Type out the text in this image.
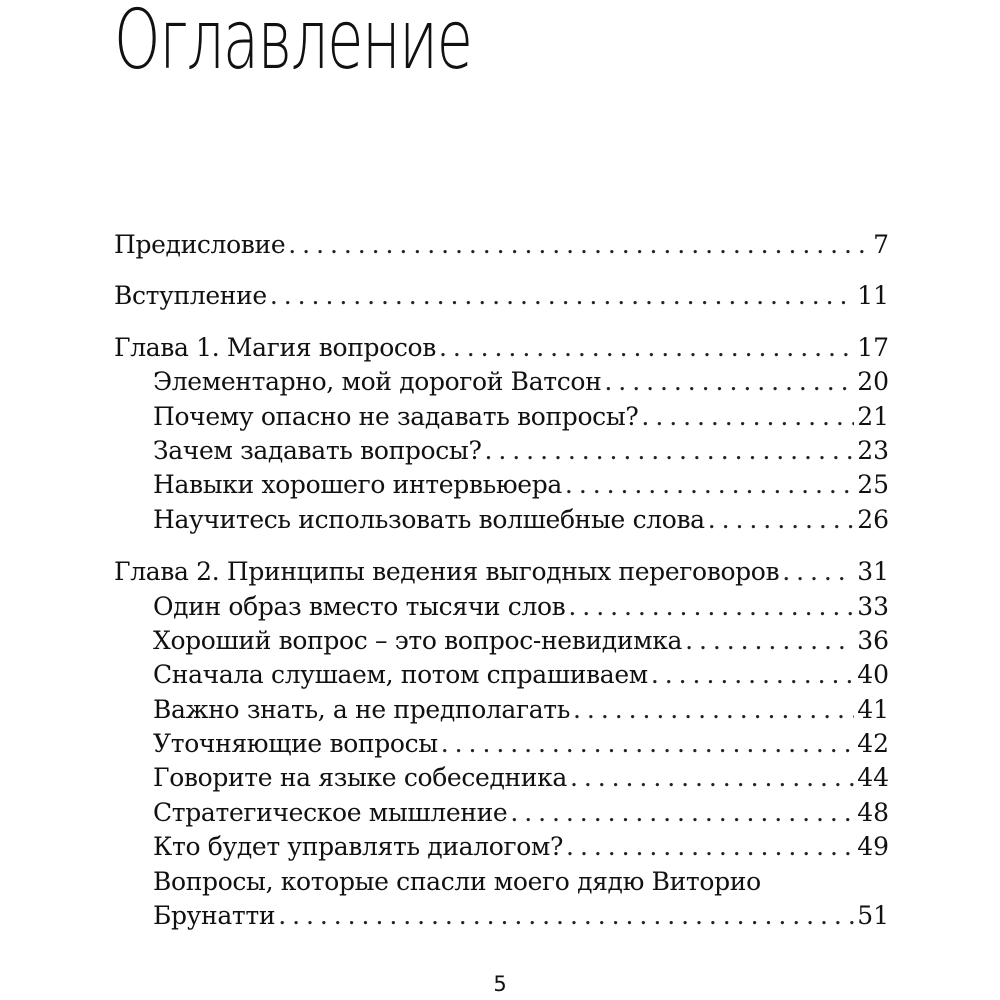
Оглавление
Предисловие . . .	7
Вступление . . .	11
Глава 1. Магия вопросов . . .	17
Элементарно, мой дорогой Ватсон . . .	20
Почему опасно не задавать вопросы? . . .	21
Зачем задавать вопросы? . . .	23
Навыки хорошего интервьюера . . .	25
Научитесь использовать волшебные слова . . .	26
Глава 2. Принципы ведения выгодных переговоров . . .	31
Один образ вместо тысячи слов . . .	33
Хороший вопрос – это вопрос-невидимка . . .	36
Сначала слушаем, потом спрашиваем . . .	40
Важно знать, а не предполагать . . .	41
Уточняющие вопросы . . .	42
Говорите на языке собеседника . . .	44
Стратегическое мышление . . .	48
Кто будет управлять диалогом? . . .	49
Вопросы, которые спасли моего дядю Виторио
Брунатти . . .	51
5
